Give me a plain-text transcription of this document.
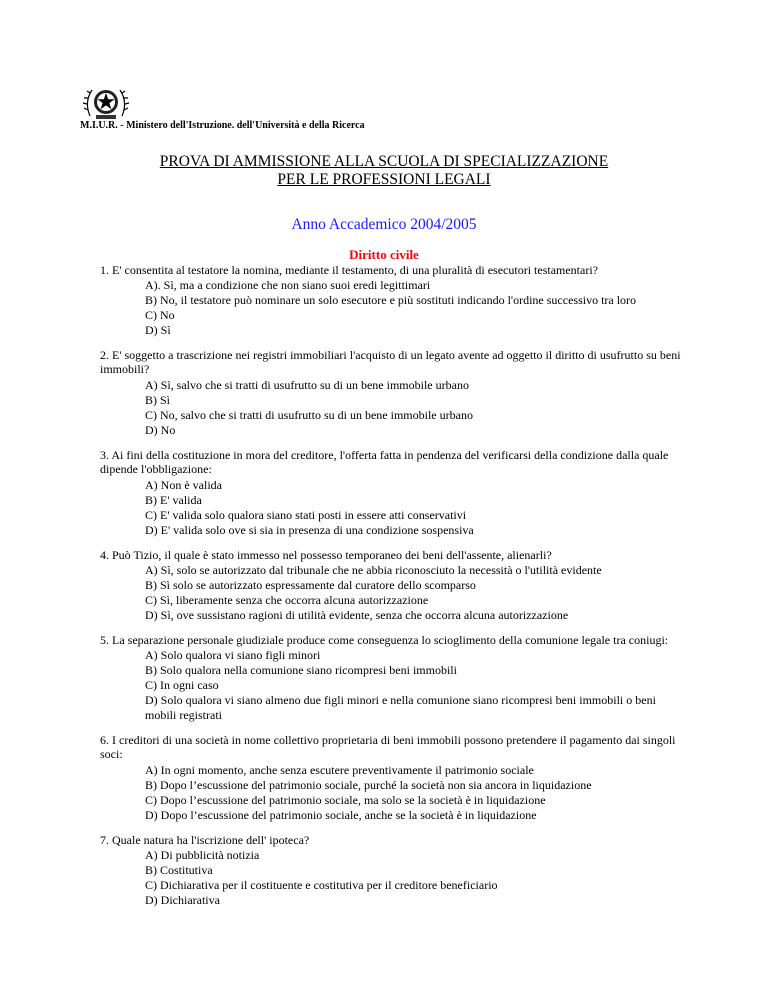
M.I.U.R. - Ministero dell'Istruzione. dell'Università e della Ricerca
PROVA DI AMMISSIONE ALLA SCUOLA DI SPECIALIZZAZIONE
PER LE PROFESSIONI LEGALI
Anno Accademico 2004/2005
Diritto civile
1. E' consentita al testatore la nomina, mediante il testamento, di una pluralità di esecutori testamentari?
A). Sì, ma a condizione che non siano suoi eredi legittimari
B) No, il testatore può nominare un solo esecutore e più sostituti indicando l'ordine successivo tra loro
C) No
D) Sì
2. E' soggetto a trascrizione nei registri immobiliari l'acquisto di un legato avente ad oggetto il diritto di usufrutto su beni immobili?
A) Sì, salvo che si tratti di usufrutto su di un bene immobile urbano
B) Sì
C) No, salvo che si tratti di usufrutto su di un bene immobile urbano
D) No
3. Ai fini della costituzione in mora del creditore, l'offerta fatta in pendenza del verificarsi della condizione dalla quale dipende l'obbligazione:
A) Non è valida
B) E' valida
C) E' valida solo qualora siano stati posti in essere atti conservativi
D) E' valida solo ove si sia in presenza di una condizione sospensiva
4. Può Tizio, il quale è stato immesso nel possesso temporaneo dei beni dell'assente, alienarli?
A) Sì, solo se autorizzato dal tribunale che ne abbia riconosciuto la necessità o l'utilità evidente
B) Sì solo se autorizzato espressamente dal curatore dello scomparso
C) Sì, liberamente senza che occorra alcuna autorizzazione
D) Sì, ove sussistano ragioni di utilità evidente, senza che occorra alcuna autorizzazione
5. La separazione personale giudiziale produce come conseguenza lo scioglimento della comunione legale tra coniugi:
A) Solo qualora vi siano figli minori
B) Solo qualora nella comunione siano ricompresi beni immobili
C) In ogni caso
D) Solo qualora vi siano almeno due figli minori e nella comunione siano ricompresi beni immobili o beni
mobili registrati
6. I creditori di una società in nome collettivo proprietaria di beni immobili possono pretendere il pagamento dai singoli soci:
A) In ogni momento, anche senza escutere preventivamente il patrimonio sociale
B) Dopo l’escussione del patrimonio sociale, purché la società non sia ancora in liquidazione
C) Dopo l’escussione del patrimonio sociale, ma solo se la società è in liquidazione
D) Dopo l’escussione del patrimonio sociale, anche se la società è in liquidazione
7. Quale natura ha l'iscrizione dell' ipoteca?
A) Di pubblicità notizia
B) Costitutiva
C) Dichiarativa per il costituente e costitutiva per il creditore beneficiario
D) Dichiarativa
